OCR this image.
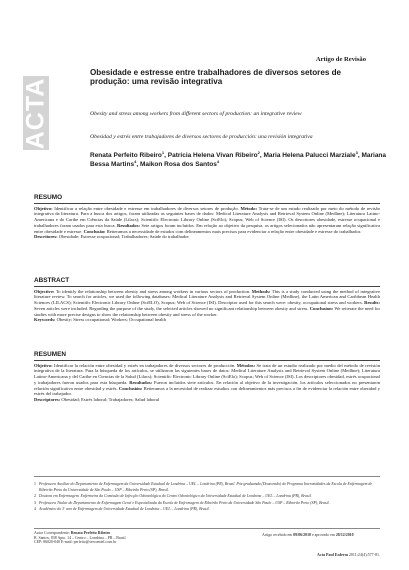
Artigo de Revisão
ACTA
Obesidade e estresse entre trabalhadores de diversos setores de produção: uma revisão integrativa
Obesity and stress among workers from different sectors of production: an integrative review
Obesidad y estrés entre trabajadores de diversos sectores de producción: una revisión integrativa
Renata Perfeito Ribeiro$^1$, Patrícia Helena Vivan Ribeiro$^2$, Maria Helena Palucci Marziale$^3$, Mariana Bessa Martins$^4$, Maikon Rosa dos Santos$^4$
RESUMO
Objetivo: Identificar a relação entre obesidade e estresse em trabalhadores de diversos setores de produção. Método: Trata-se de um estudo realizado por meio do método de revisão integrativa da literatura. Para a busca dos artigos, foram utilizadas as seguintes bases de dados: Medical Literature Analysis and Retrieval System Online (Medline); Literatura Latino-Americana e do Caribe em Ciências da Saúde (Lilacs); Scientific Electronic Library Online (SciElo); Scopus; Web of Science (ISI). Os descritores obesidade, estresse ocupacional e trabalhadores foram usados para esta busca. Resultados: Sete artigos foram incluídos. Em relação ao objetivo da pesquisa, os artigos selecionados não apresentaram relação significativa entre obesidade e estresse. Conclusão: Reiteramos a necessidade de estudos com delineamentos mais precisos para evidenciar a relação entre obesidade e estresse do trabalhador.
Descritores: Obesidade; Estresse ocupacional; Trabalhadores; Saúde do trabalhador
ABSTRACT
Objective: To identify the relationship between obesity and stress among workers in various sectors of production. Methods: This is a study conducted using the method of integrative literature review. To search for articles, we used the following databases: Medical Literature Analysis and Retrieval System Online (Medline), the Latin American and Caribbean Health Sciences (LILACS); Scientific Electronic Library Online (SciELO), Scopus; Web of Science (ISI). Descriptor used for this search were: obesity, occupational stress and workers. Results: Seven articles were included. Regarding the purpose of the study, the selected articles showed no significant relationship between obesity and stress. Conclusion: We reiterate the need for studies with more precise designs to show the relationship between obesity and stress of the worker.
Keywords: Obesity; Stress occupational; Workers; Occupational health
RESUMEN
Objetivo: Identificar la relación entre obesidad y estrés en trabajadores de diversos sectores de producción. Métodos: Se trata de un estudio realizado por medio del método de revisión integrativa de la literatura. Para la búsqueda de los artículos, se utilizaron las siguientes bases de datos: Medical Literature Analysis and Retrieval System Online (Medline); Literatura Latino-Americana y del Caribe en Ciencias de la Salud (Lilacs); Scientific Electronic Library Online (SciElo); Scopus; Web of Science (ISI). Los descriptores obesidad, estrés ocupacional y trabajadores fueron usados para esta búsqueda. Resultados: Fueron incluidos siete artículos. En relación al objetivo de la investigación, los artículos seleccionados no presentaron relación significativa entre obesidad y estrés. Conclusión: Reiteramos a la necesidad de realizar estudios con delineamientos más precisos a fin de evidenciar la relación entre obesidad y estrés del trabajador.
Descriptores: Obesidad; Estrés laboral; Trabajadores; Salud laboral
1 Professora Auxiliar do Departamento de Enfermagem da Universidade Estadual de Londrina – UEL – Londrina (PR), Brasil. Pós-graduanda (Doutorado) do Programa Interunidades da Escola de Enfermagem de Ribeirão Preto da Universidade de São Paulo – USP – Ribeirão Preto (SP), Brasil.
2 Doutora em Enfermagem. Enfermeira da Comissão de Infecção Odontológica do Centro Odontológico da Universidade Estadual de Londrina – UEL – Londrina (PR), Brasil.
3 Professora Titular do Departamento de Enfermagem Geral e Especializada da Escola de Enfermagem de Ribeirão Preto da Universidade São Paulo – USP – Ribeirão Preto (SP), Brasil.
4 Acadêmico do 3º ano de Enfermagem da Universidade Estadual de Londrina – UEL – Londrina (PR), Brasil.
Autor Correspondente: Renata Perfeito Ribeiro
R. Santos, 838 Apto. 14 – Centro – Londrina – PR – Brasil
CEP: 86020-040 E-mail: perfeito@sercomtel.com.br
Artigo recebido em 09/06/2010 e aprovado em 28/12/2010
Acta Paul Enferm 2011;24(4):577-81.
